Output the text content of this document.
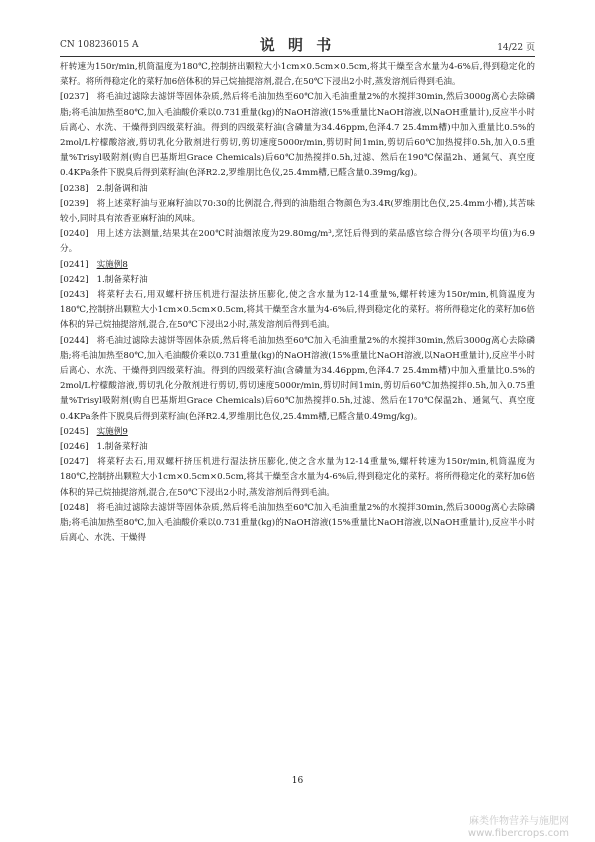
CN 108236015 A	说 明 书	14/22 页

杆转速为150r/min,机筒温度为180℃,控制挤出颗粒大小1cm×0.5cm×0.5cm,将其干燥至含水量为4-6%后,得到稳定化的菜籽。将所得稳定化的菜籽加6倍体积的异己烷抽提溶剂,混合,在50℃下浸出2小时,蒸发溶剂后得到毛油。

[0237] 将毛油过滤除去滤饼等固体杂质,然后将毛油加热至60℃加入毛油重量2%的水搅拌30min,然后3000g离心去除磷脂;将毛油加热至80℃,加入毛油酸价乘以0.731重量(kg)的NaOH溶液(15%重量比NaOH溶液,以NaOH重量计),反应半小时后离心、水洗、干燥得到四级菜籽油。得到的四级菜籽油(含磷量为34.46ppm,色泽4.7 25.4mm槽)中加入重量比0.5%的2mol/L柠檬酸溶液,剪切乳化分散剂进行剪切,剪切速度5000r/min,剪切时间1min,剪切后60℃加热搅拌0.5h,加入0.5重量%Trisyl吸附剂(购自巴基斯坦Grace Chemicals)后60℃加热搅拌0.5h,过滤、然后在190℃保温2h、通氮气、真空度0.4KPa条件下脱臭后得到菜籽油(色泽R2.2,罗维朋比色仪,25.4mm槽,已醛含量0.39mg/kg)。

[0238] 2.制备调和油

[0239] 将上述菜籽油与亚麻籽油以70:30的比例混合,得到的油脂组合物颜色为3.4R(罗维朋比色仪,25.4mm小槽),其苦味较小,同时具有浓香亚麻籽油的风味。

[0240] 用上述方法测量,结果其在200℃时油烟浓度为29.80mg/m³,烹饪后得到的菜品感官综合得分(各项平均值)为6.9分。

[0241] 实施例8

[0242] 1.制备菜籽油

[0243] 将菜籽去石,用双螺杆挤压机进行湿法挤压膨化,使之含水量为12-14重量%,螺杆转速为150r/min,机筒温度为180℃,控制挤出颗粒大小1cm×0.5cm×0.5cm,将其干燥至含水量为4-6%后,得到稳定化的菜籽。将所得稳定化的菜籽加6倍体积的异己烷抽提溶剂,混合,在50℃下浸出2小时,蒸发溶剂后得到毛油。

[0244] 将毛油过滤除去滤饼等固体杂质,然后将毛油加热至60℃加入毛油重量2%的水搅拌30min,然后3000g离心去除磷脂;将毛油加热至80℃,加入毛油酸价乘以0.731重量(kg)的NaOH溶液(15%重量比NaOH溶液,以NaOH重量计),反应半小时后离心、水洗、干燥得到四级菜籽油。得到的四级菜籽油(含磷量为34.46ppm,色泽4.7 25.4mm槽)中加入重量比0.5%的2mol/L柠檬酸溶液,剪切乳化分散剂进行剪切,剪切速度5000r/min,剪切时间1min,剪切后60℃加热搅拌0.5h,加入0.75重量%Trisyl吸附剂(购自巴基斯坦Grace Chemicals)后60℃加热搅拌0.5h,过滤、然后在170℃保温2h、通氮气、真空度0.4KPa条件下脱臭后得到菜籽油(色泽R2.4,罗维朋比色仪,25.4mm槽,已醛含量0.49mg/kg)。

[0245] 实施例9

[0246] 1.制备菜籽油

[0247] 将菜籽去石,用双螺杆挤压机进行湿法挤压膨化,使之含水量为12-14重量%,螺杆转速为150r/min,机筒温度为180℃,控制挤出颗粒大小1cm×0.5cm×0.5cm,将其干燥至含水量为4-6%后,得到稳定化的菜籽。将所得稳定化的菜籽加6倍体积的异己烷抽提溶剂,混合,在50℃下浸出2小时,蒸发溶剂后得到毛油。

[0248] 将毛油过滤除去滤饼等固体杂质,然后将毛油加热至60℃加入毛油重量2%的水搅拌30min,然后3000g离心去除磷脂;将毛油加热至80℃,加入毛油酸价乘以0.731重量(kg)的NaOH溶液(15%重量比NaOH溶液,以NaOH重量计),反应半小时后离心、水洗、干燥得

16
麻类作物营养与施肥网
www.fibercrops.com
